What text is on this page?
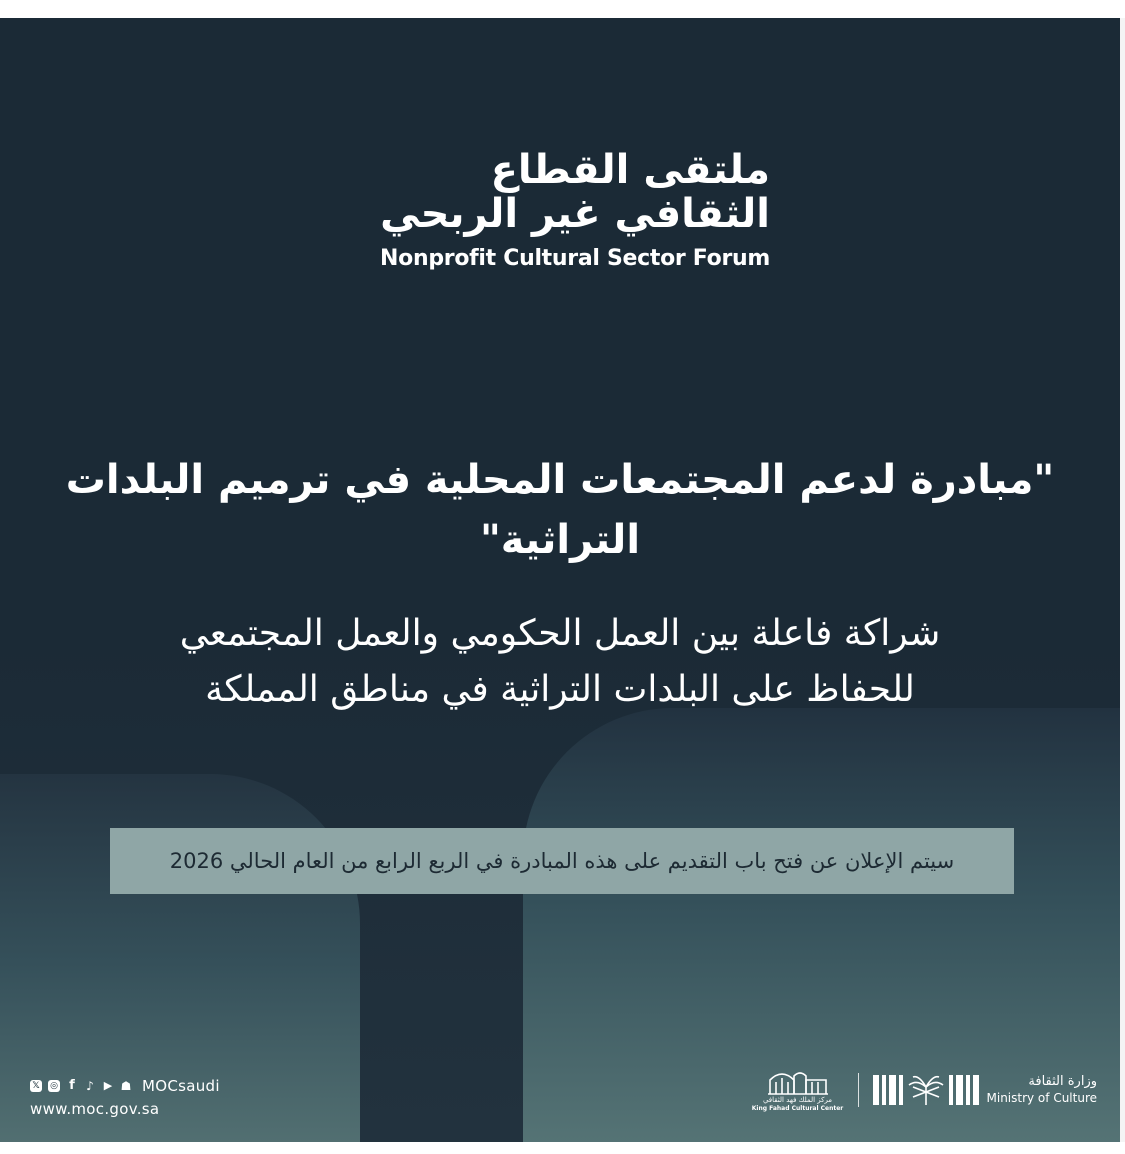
ملتقى القطاع
الثقافي غير الربحي
Nonprofit Cultural Sector Forum
"مبادرة لدعم المجتمعات المحلية في ترميم البلدات التراثية"
شراكة فاعلة بين العمل الحكومي والعمل المجتمعي
للحفاظ على البلدات التراثية في مناطق المملكة
سيتم الإعلان عن فتح باب التقديم على هذه المبادرة في الربع الرابع من العام الحالي 2026
𝕏 ◎ f ♪ ▶ ☗ MOCsaudi
www.moc.gov.sa	مركز الملك فهد الثقافي
King Fahad Cultural Center
وزارة الثقافة
Ministry of Culture
